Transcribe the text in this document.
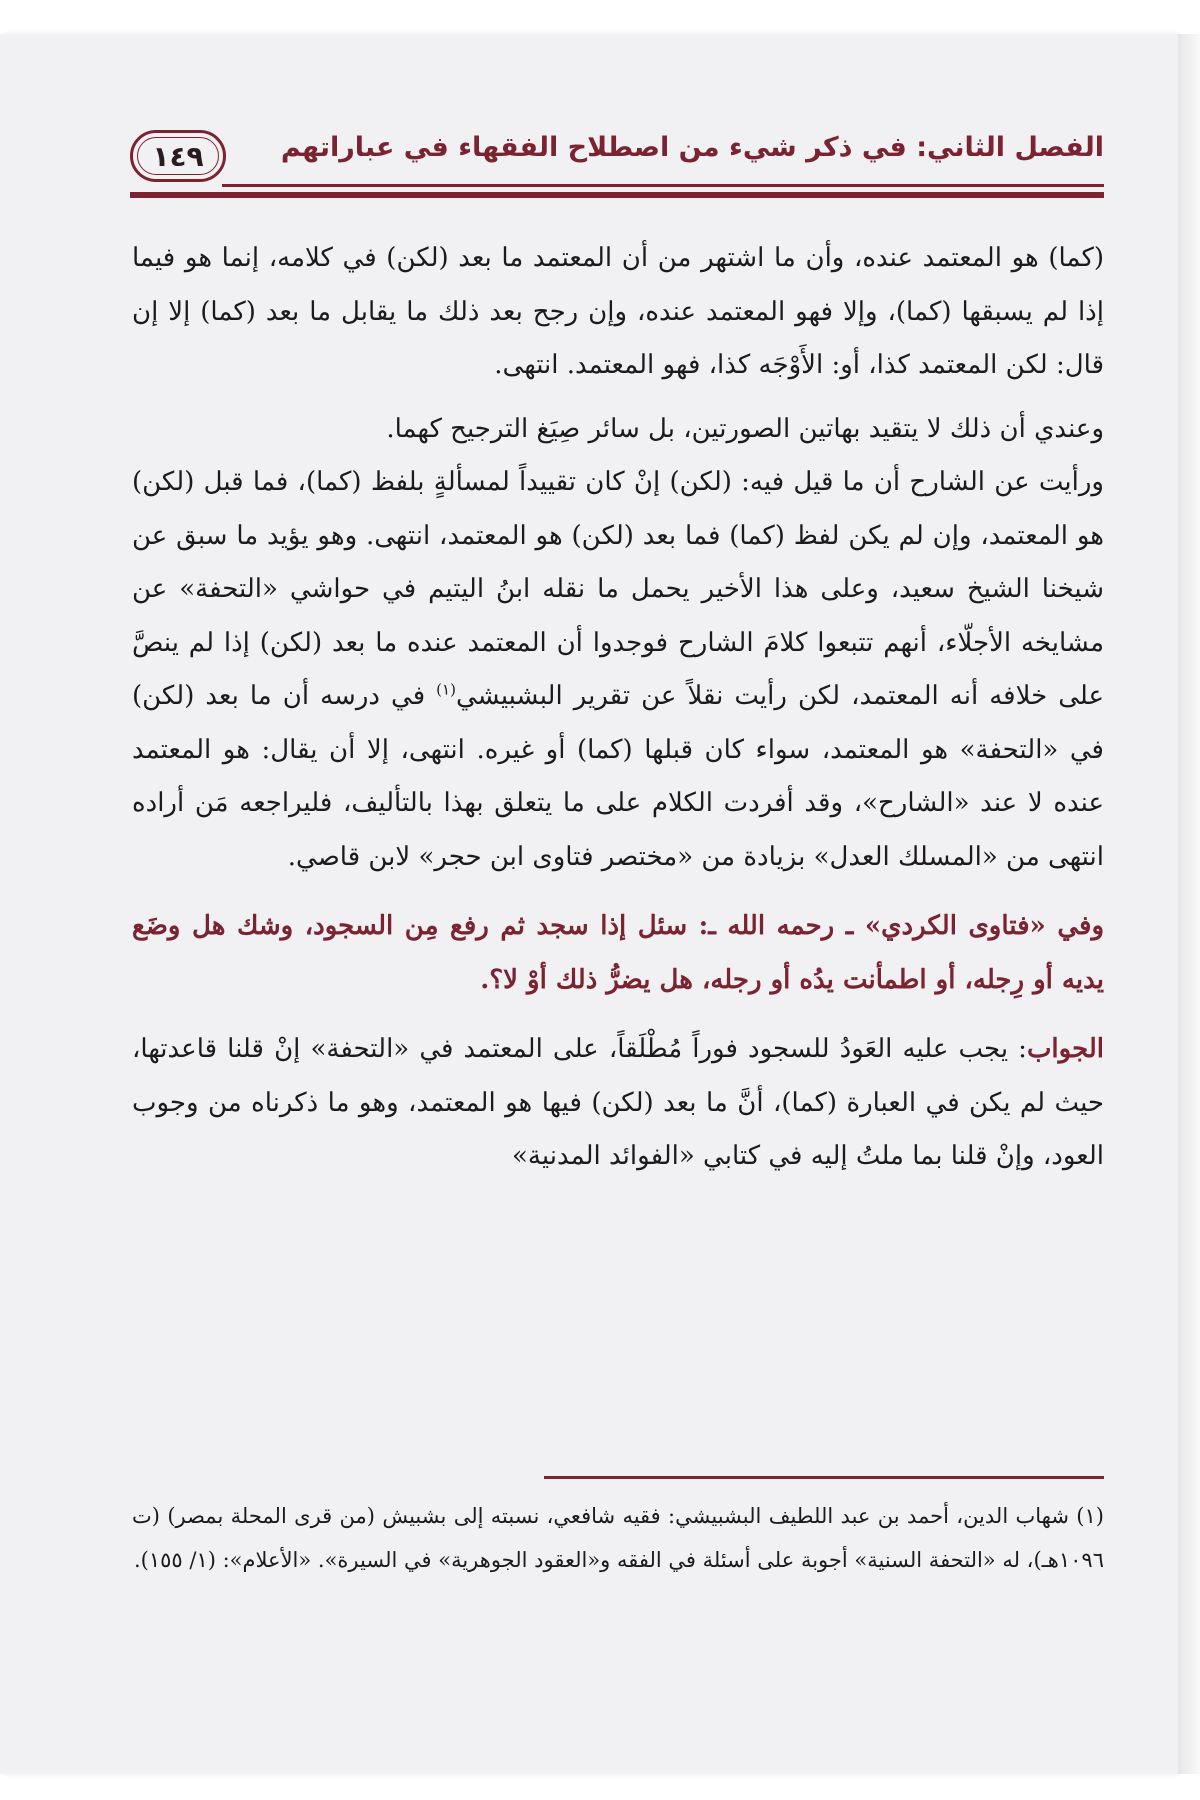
١٤٩	الفصل الثاني: في ذكر شيء من اصطلاح الفقهاء في عباراتهم

(كما) هو المعتمد عنده، وأن ما اشتهر من أن المعتمد ما بعد (لكن) في كلامه، إنما هو فيما إذا لم يسبقها (كما)، وإلا فهو المعتمد عنده، وإن رجح بعد ذلك ما يقابل ما بعد (كما) إلا إن قال: لكن المعتمد كذا، أو: الأَوْجَه كذا، فهو المعتمد. انتهى.

وعندي أن ذلك لا يتقيد بهاتين الصورتين، بل سائر صِيَغ الترجيح كهما.

ورأيت عن الشارح أن ما قيل فيه: (لكن) إنْ كان تقييداً لمسألةٍ بلفظ (كما)، فما قبل (لكن) هو المعتمد، وإن لم يكن لفظ (كما) فما بعد (لكن) هو المعتمد، انتهى. وهو يؤيد ما سبق عن شيخنا الشيخ سعيد، وعلى هذا الأخير يحمل ما نقله ابنُ اليتيم في حواشي «التحفة» عن مشايخه الأجلّاء، أنهم تتبعوا كلامَ الشارح فوجدوا أن المعتمد عنده ما بعد (لكن) إذا لم ينصَّ على خلافه أنه المعتمد، لكن رأيت نقلاً عن تقرير البشبيشي$^{(١)}$ في درسه أن ما بعد (لكن) في «التحفة» هو المعتمد، سواء كان قبلها (كما) أو غيره. انتهى، إلا أن يقال: هو المعتمد عنده لا عند «الشارح»، وقد أفردت الكلام على ما يتعلق بهذا بالتأليف، فليراجعه مَن أراده انتهى من «المسلك العدل» بزيادة من «مختصر فتاوى ابن حجر» لابن قاصي.

وفي «فتاوى الكردي» ـ رحمه الله ـ: سئل إذا سجد ثم رفع مِن السجود، وشك هل وضَع يديه أو رِجله، أو اطمأنت يدُه أو رجله، هل يضرُّ ذلك أوْ لا؟.

الجواب: يجب عليه العَودُ للسجود فوراً مُطْلَقاً، على المعتمد في «التحفة» إنْ قلنا قاعدتها، حيث لم يكن في العبارة (كما)، أنَّ ما بعد (لكن) فيها هو المعتمد، وهو ما ذكرناه من وجوب العود، وإنْ قلنا بما ملتُ إليه في كتابي «الفوائد المدنية»

(١) شهاب الدين، أحمد بن عبد اللطيف البشبيشي: فقيه شافعي، نسبته إلى بشبيش (من قرى المحلة بمصر) (ت ١٠٩٦هـ)، له «التحفة السنية» أجوبة على أسئلة في الفقه و«العقود الجوهرية» في السيرة». «الأعلام»: (١/ ١٥٥).
